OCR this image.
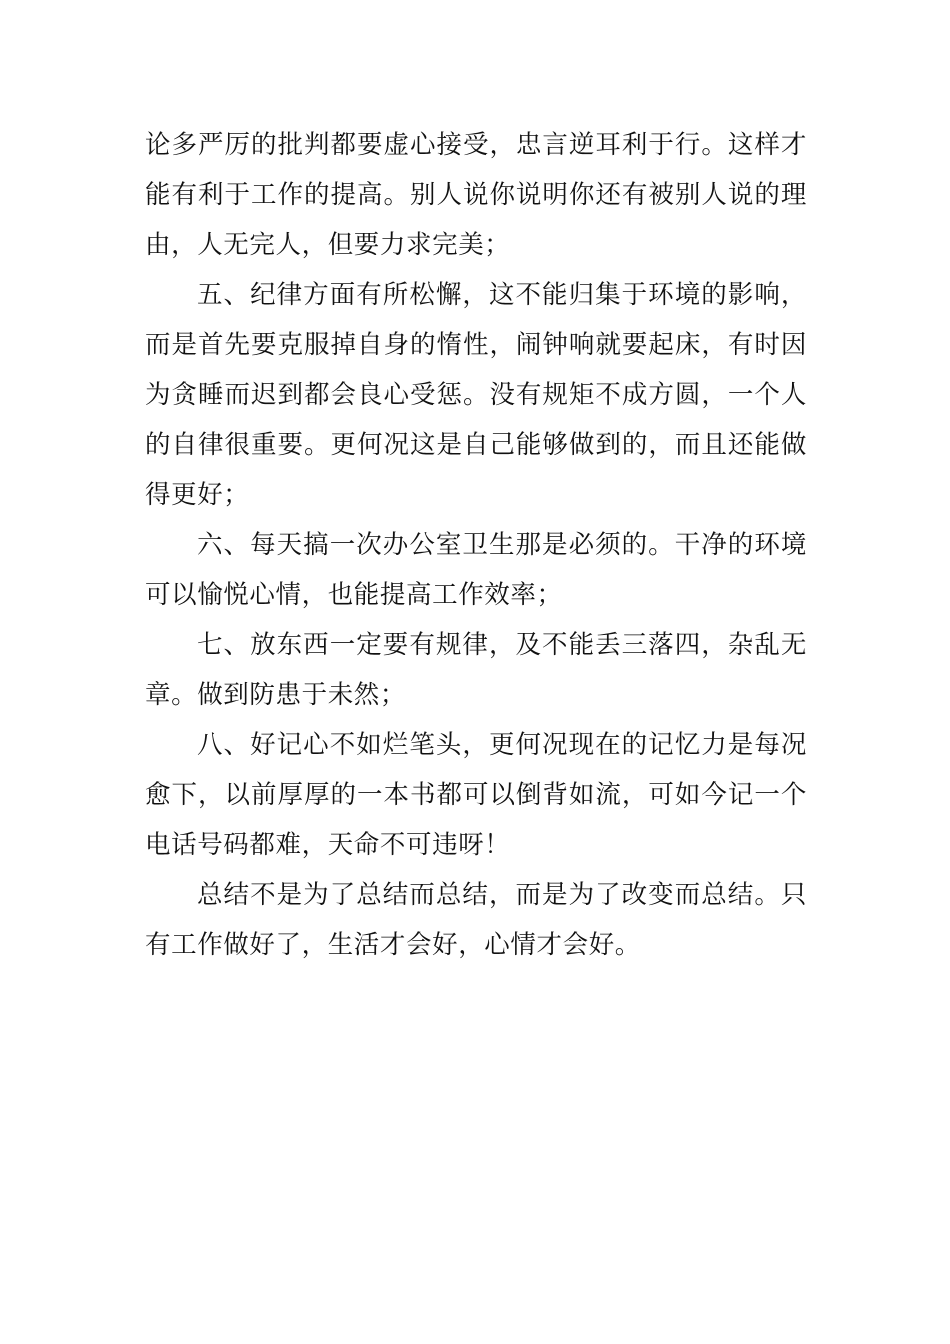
论多严厉的批判都要虚心接受，忠言逆耳利于行。这样才能有利于工作的提高。别人说你说明你还有被别人说的理由，人无完人，但要力求完美；

五、纪律方面有所松懈，这不能归集于环境的影响，而是首先要克服掉自身的惰性，闹钟响就要起床，有时因为贪睡而迟到都会良心受惩。没有规矩不成方圆，一个人的自律很重要。更何况这是自己能够做到的，而且还能做得更好；

六、每天搞一次办公室卫生那是必须的。干净的环境可以愉悦心情，也能提高工作效率；

七、放东西一定要有规律，及不能丢三落四，杂乱无章。做到防患于未然；

八、好记心不如烂笔头，更何况现在的记忆力是每况愈下，以前厚厚的一本书都可以倒背如流，可如今记一个电话号码都难，天命不可违呀！

总结不是为了总结而总结，而是为了改变而总结。只有工作做好了，生活才会好，心情才会好。
